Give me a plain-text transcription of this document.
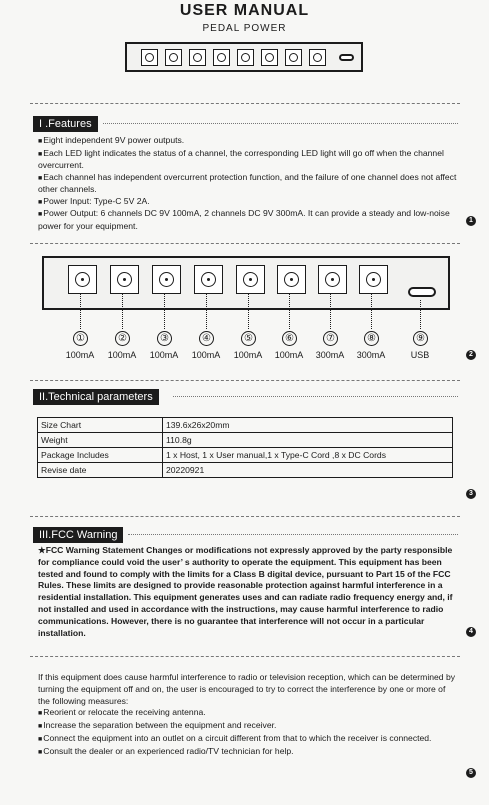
USER MANUAL
PEDAL POWER
I .Features

■ Eight independent 9V power outputs.

■ Each LED light indicates the status of a channel, the corresponding LED light will go off when the channel overcurrent.

■ Each channel has independent overcurrent protection function, and the failure of one channel does not affect other channels.

■ Power Input: Type-C 5V 2A.

■ Power Output: 6 channels DC 9V 100mA, 2 channels DC 9V 300mA. It can provide a steady and low-noise power for your equipment.	1
①	②	③	④	⑤	⑥	⑦	⑧	⑨
100mA	100mA	100mA	100mA	100mA	100mA	300mA	300mA	USB	2
II.Technical parameters
Size Chart	139.6x26x20mm
Weight	110.8g
Package Includes	1 x Host, 1 x User manual,1 x Type-C Cord ,8 x DC Cords
Revise date	20220921
3
III.FCC Warning

★FCC Warning Statement Changes or modifications not expressly approved by the party responsible for compliance could void the user’ s authority to operate the equipment. This equipment has been tested and found to comply with the limits for a Class B digital device, pursuant to Part 15 of the FCC Rules. These limits are designed to provide reasonable protection against harmful interference in a residential installation. This equipment generates uses and can radiate radio frequency energy and, if not installed and used in accordance with the instructions, may cause harmful interference to radio communications. However, there is no guarantee that interference will not occur in a particular installation.	4

If this equipment does cause harmful interference to radio or television reception, which can be determined by turning the equipment off and on, the user is encouraged to try to correct the interference by one or more of the following measures:

■ Reorient or relocate the receiving antenna.

■ Increase the separation between the equipment and receiver.

■ Connect the equipment into an outlet on a circuit different from that to which the receiver is connected.

■ Consult the dealer or an experienced radio/TV technician for help.

5
